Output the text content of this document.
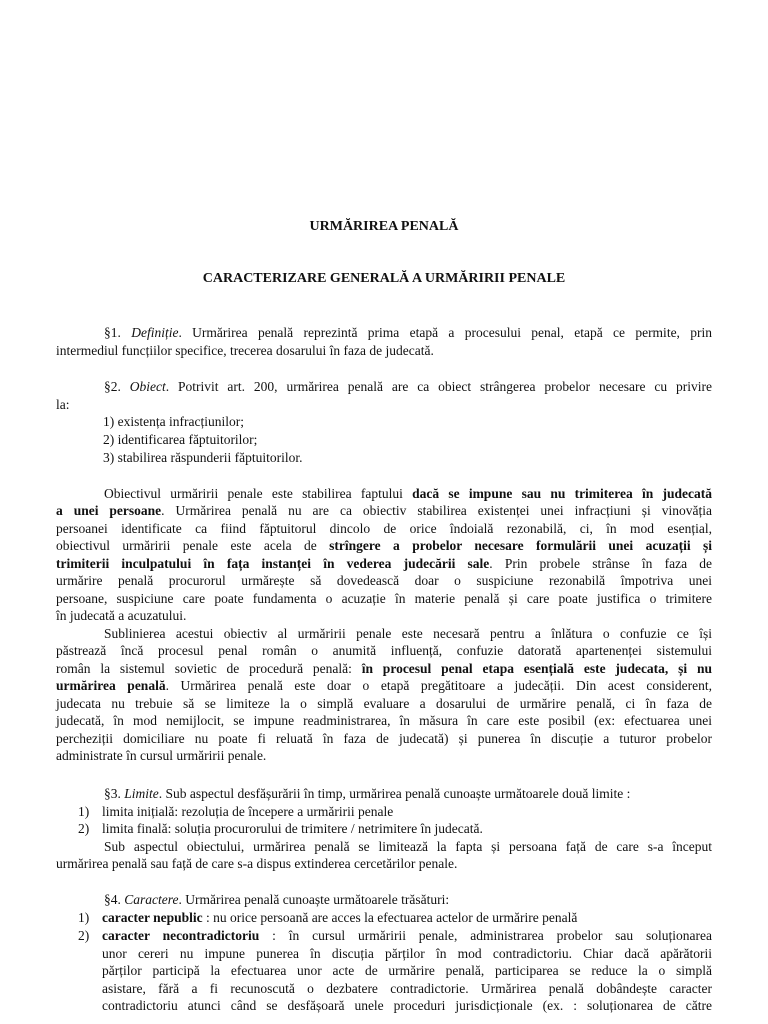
URMĂRIREA PENALĂ
CARACTERIZARE GENERALĂ A URMĂRIRII PENALE
§1. Definiție. Urmărirea penală reprezintă prima etapă a procesului penal, etapă ce permite, prin
intermediul funcțiilor specifice, trecerea dosarului în faza de judecată.
§2. Obiect. Potrivit art. 200, urmărirea penală are ca obiect strângerea probelor necesare cu privire
la:
1) existența infracțiunilor;
2) identificarea făptuitorilor;
3) stabilirea răspunderii făptuitorilor.
Obiectivul urmăririi penale este stabilirea faptului dacă se impune sau nu trimiterea în judecată
a unei persoane. Urmărirea penală nu are ca obiectiv stabilirea existenței unei infracțiuni și vinovăția
persoanei identificate ca fiind făptuitorul dincolo de orice îndoială rezonabilă, ci, în mod esențial,
obiectivul urmăririi penale este acela de strîngere a probelor necesare formulării unei acuzații și
trimiterii inculpatului în fața instanței în vederea judecării sale. Prin probele strânse în faza de
urmărire penală procurorul urmărește să dovedească doar o suspiciune rezonabilă împotriva unei
persoane, suspiciune care poate fundamenta o acuzație în materie penală și care poate justifica o trimitere
în judecată a acuzatului.
Sublinierea acestui obiectiv al urmăririi penale este necesară pentru a înlătura o confuzie ce își
păstrează încă procesul penal român o anumită influență, confuzie datorată apartenenței sistemului
român la sistemul sovietic de procedură penală: în procesul penal etapa esențială este judecata, și nu
urmărirea penală. Urmărirea penală este doar o etapă pregătitoare a judecății. Din acest considerent,
judecata nu trebuie să se limiteze la o simplă evaluare a dosarului de urmărire penală, ci în faza de
judecată, în mod nemijlocit, se impune readministrarea, în măsura în care este posibil (ex: efectuarea unei
percheziții domiciliare nu poate fi reluată în faza de judecată) și punerea în discuție a tuturor probelor
administrate în cursul urmăririi penale.
§3. Limite. Sub aspectul desfășurării în timp, urmărirea penală cunoaște următoarele două limite :
1) limita inițială: rezoluția de începere a urmăririi penale
2) limita finală: soluția procurorului de trimitere / netrimitere în judecată.
Sub aspectul obiectului, urmărirea penală se limitează la fapta și persoana față de care s-a început
urmărirea penală sau față de care s-a dispus extinderea cercetărilor penale.
§4. Caractere. Urmărirea penală cunoaște următoarele trăsături:
1) caracter nepublic : nu orice persoană are acces la efectuarea actelor de urmărire penală
2) caracter necontradictoriu : în cursul urmăririi penale, administrarea probelor sau soluționarea
unor cereri nu impune punerea în discuția părților în mod contradictoriu. Chiar dacă apărătorii
părților participă la efectuarea unor acte de urmărire penală, participarea se reduce la o simplă
asistare, fără a fi recunoscută o dezbatere contradictorie. Urmărirea penală dobândește caracter
contradictoriu atunci când se desfășoară unele proceduri jurisdicționale (ex. : soluționarea de către
